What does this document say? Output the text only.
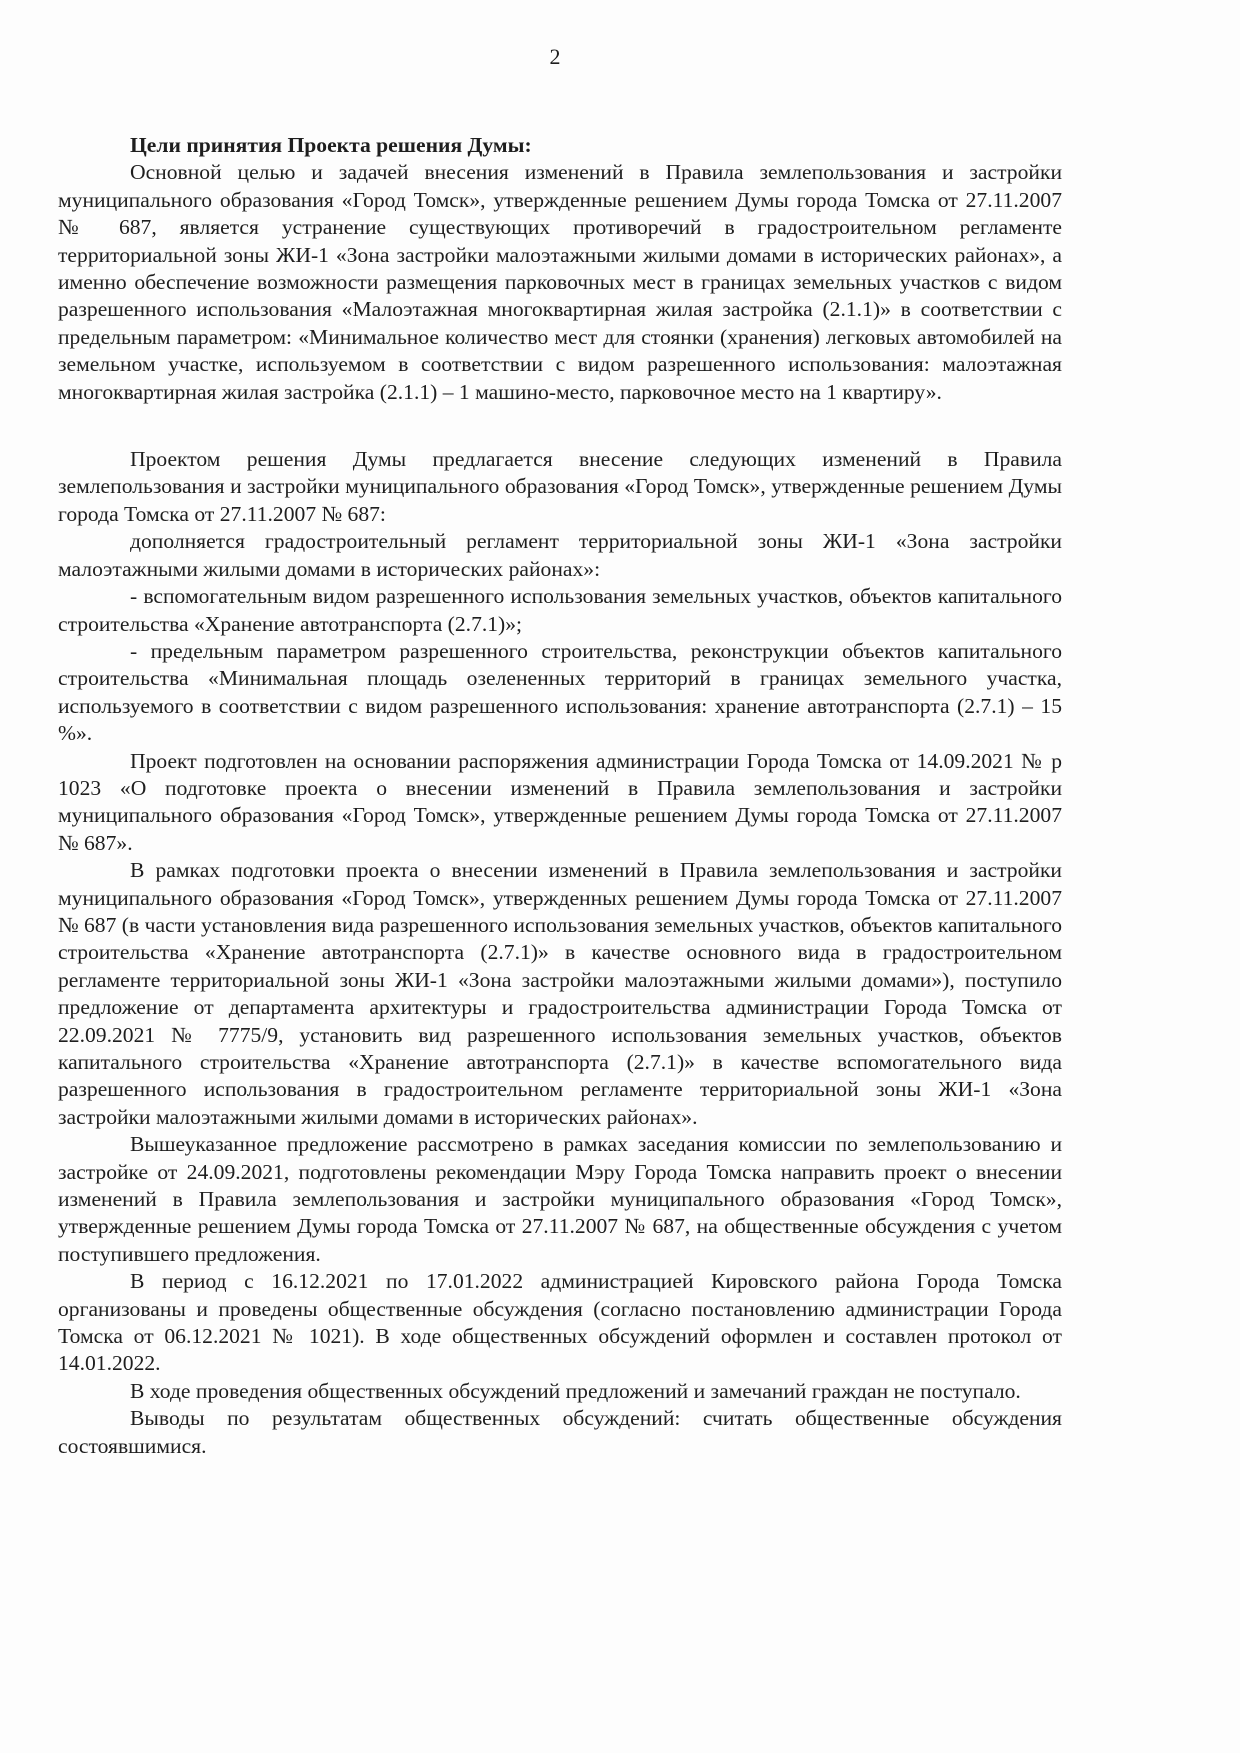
2

Цели принятия Проекта решения Думы:

Основной целью и задачей внесения изменений в Правила землепользования и застройки муниципального образования «Город Томск», утвержденные решением Думы города Томска от 27.11.2007 № 687, является устранение существующих противоречий в градостроительном регламенте территориальной зоны ЖИ-1 «Зона застройки малоэтажными жилыми домами в исторических районах», а именно обеспечение возможности размещения парковочных мест в границах земельных участков с видом разрешенного использования «Малоэтажная многоквартирная жилая застройка (2.1.1)» в соответствии с предельным параметром: «Минимальное количество мест для стоянки (хранения) легковых автомобилей на земельном участке, используемом в соответствии с видом разрешенного использования: малоэтажная многоквартирная жилая застройка (2.1.1) – 1 машино-место, парковочное место на 1 квартиру».

Проектом решения Думы предлагается внесение следующих изменений в Правила землепользования и застройки муниципального образования «Город Томск», утвержденные решением Думы города Томска от 27.11.2007 № 687:

дополняется градостроительный регламент территориальной зоны ЖИ-1 «Зона застройки малоэтажными жилыми домами в исторических районах»:

- вспомогательным видом разрешенного использования земельных участков, объектов капитального строительства «Хранение автотранспорта (2.7.1)»;

- предельным параметром разрешенного строительства, реконструкции объектов капитального строительства «Минимальная площадь озелененных территорий в границах земельного участка, используемого в соответствии с видом разрешенного использования: хранение автотранспорта (2.7.1) – 15 %».

Проект подготовлен на основании распоряжения администрации Города Томска от 14.09.2021 № р 1023 «О подготовке проекта о внесении изменений в Правила землепользования и застройки муниципального образования «Город Томск», утвержденные решением Думы города Томска от 27.11.2007 № 687».

В рамках подготовки проекта о внесении изменений в Правила землепользования и застройки муниципального образования «Город Томск», утвержденных решением Думы города Томска от 27.11.2007 № 687 (в части установления вида разрешенного использования земельных участков, объектов капитального строительства «Хранение автотранспорта (2.7.1)» в качестве основного вида в градостроительном регламенте территориальной зоны ЖИ-1 «Зона застройки малоэтажными жилыми домами»), поступило предложение от департамента архитектуры и градостроительства администрации Города Томска от 22.09.2021 № 7775/9, установить вид разрешенного использования земельных участков, объектов капитального строительства «Хранение автотранспорта (2.7.1)» в качестве вспомогательного вида разрешенного использования в градостроительном регламенте территориальной зоны ЖИ-1 «Зона застройки малоэтажными жилыми домами в исторических районах».

Вышеуказанное предложение рассмотрено в рамках заседания комиссии по землепользованию и застройке от 24.09.2021, подготовлены рекомендации Мэру Города Томска направить проект о внесении изменений в Правила землепользования и застройки муниципального образования «Город Томск», утвержденные решением Думы города Томска от 27.11.2007 № 687, на общественные обсуждения с учетом поступившего предложения.

В период с 16.12.2021 по 17.01.2022 администрацией Кировского района Города Томска организованы и проведены общественные обсуждения (согласно постановлению администрации Города Томска от 06.12.2021 № 1021). В ходе общественных обсуждений оформлен и составлен протокол от 14.01.2022.

В ходе проведения общественных обсуждений предложений и замечаний граждан не поступало.

Выводы по результатам общественных обсуждений: считать общественные обсуждения состоявшимися.
